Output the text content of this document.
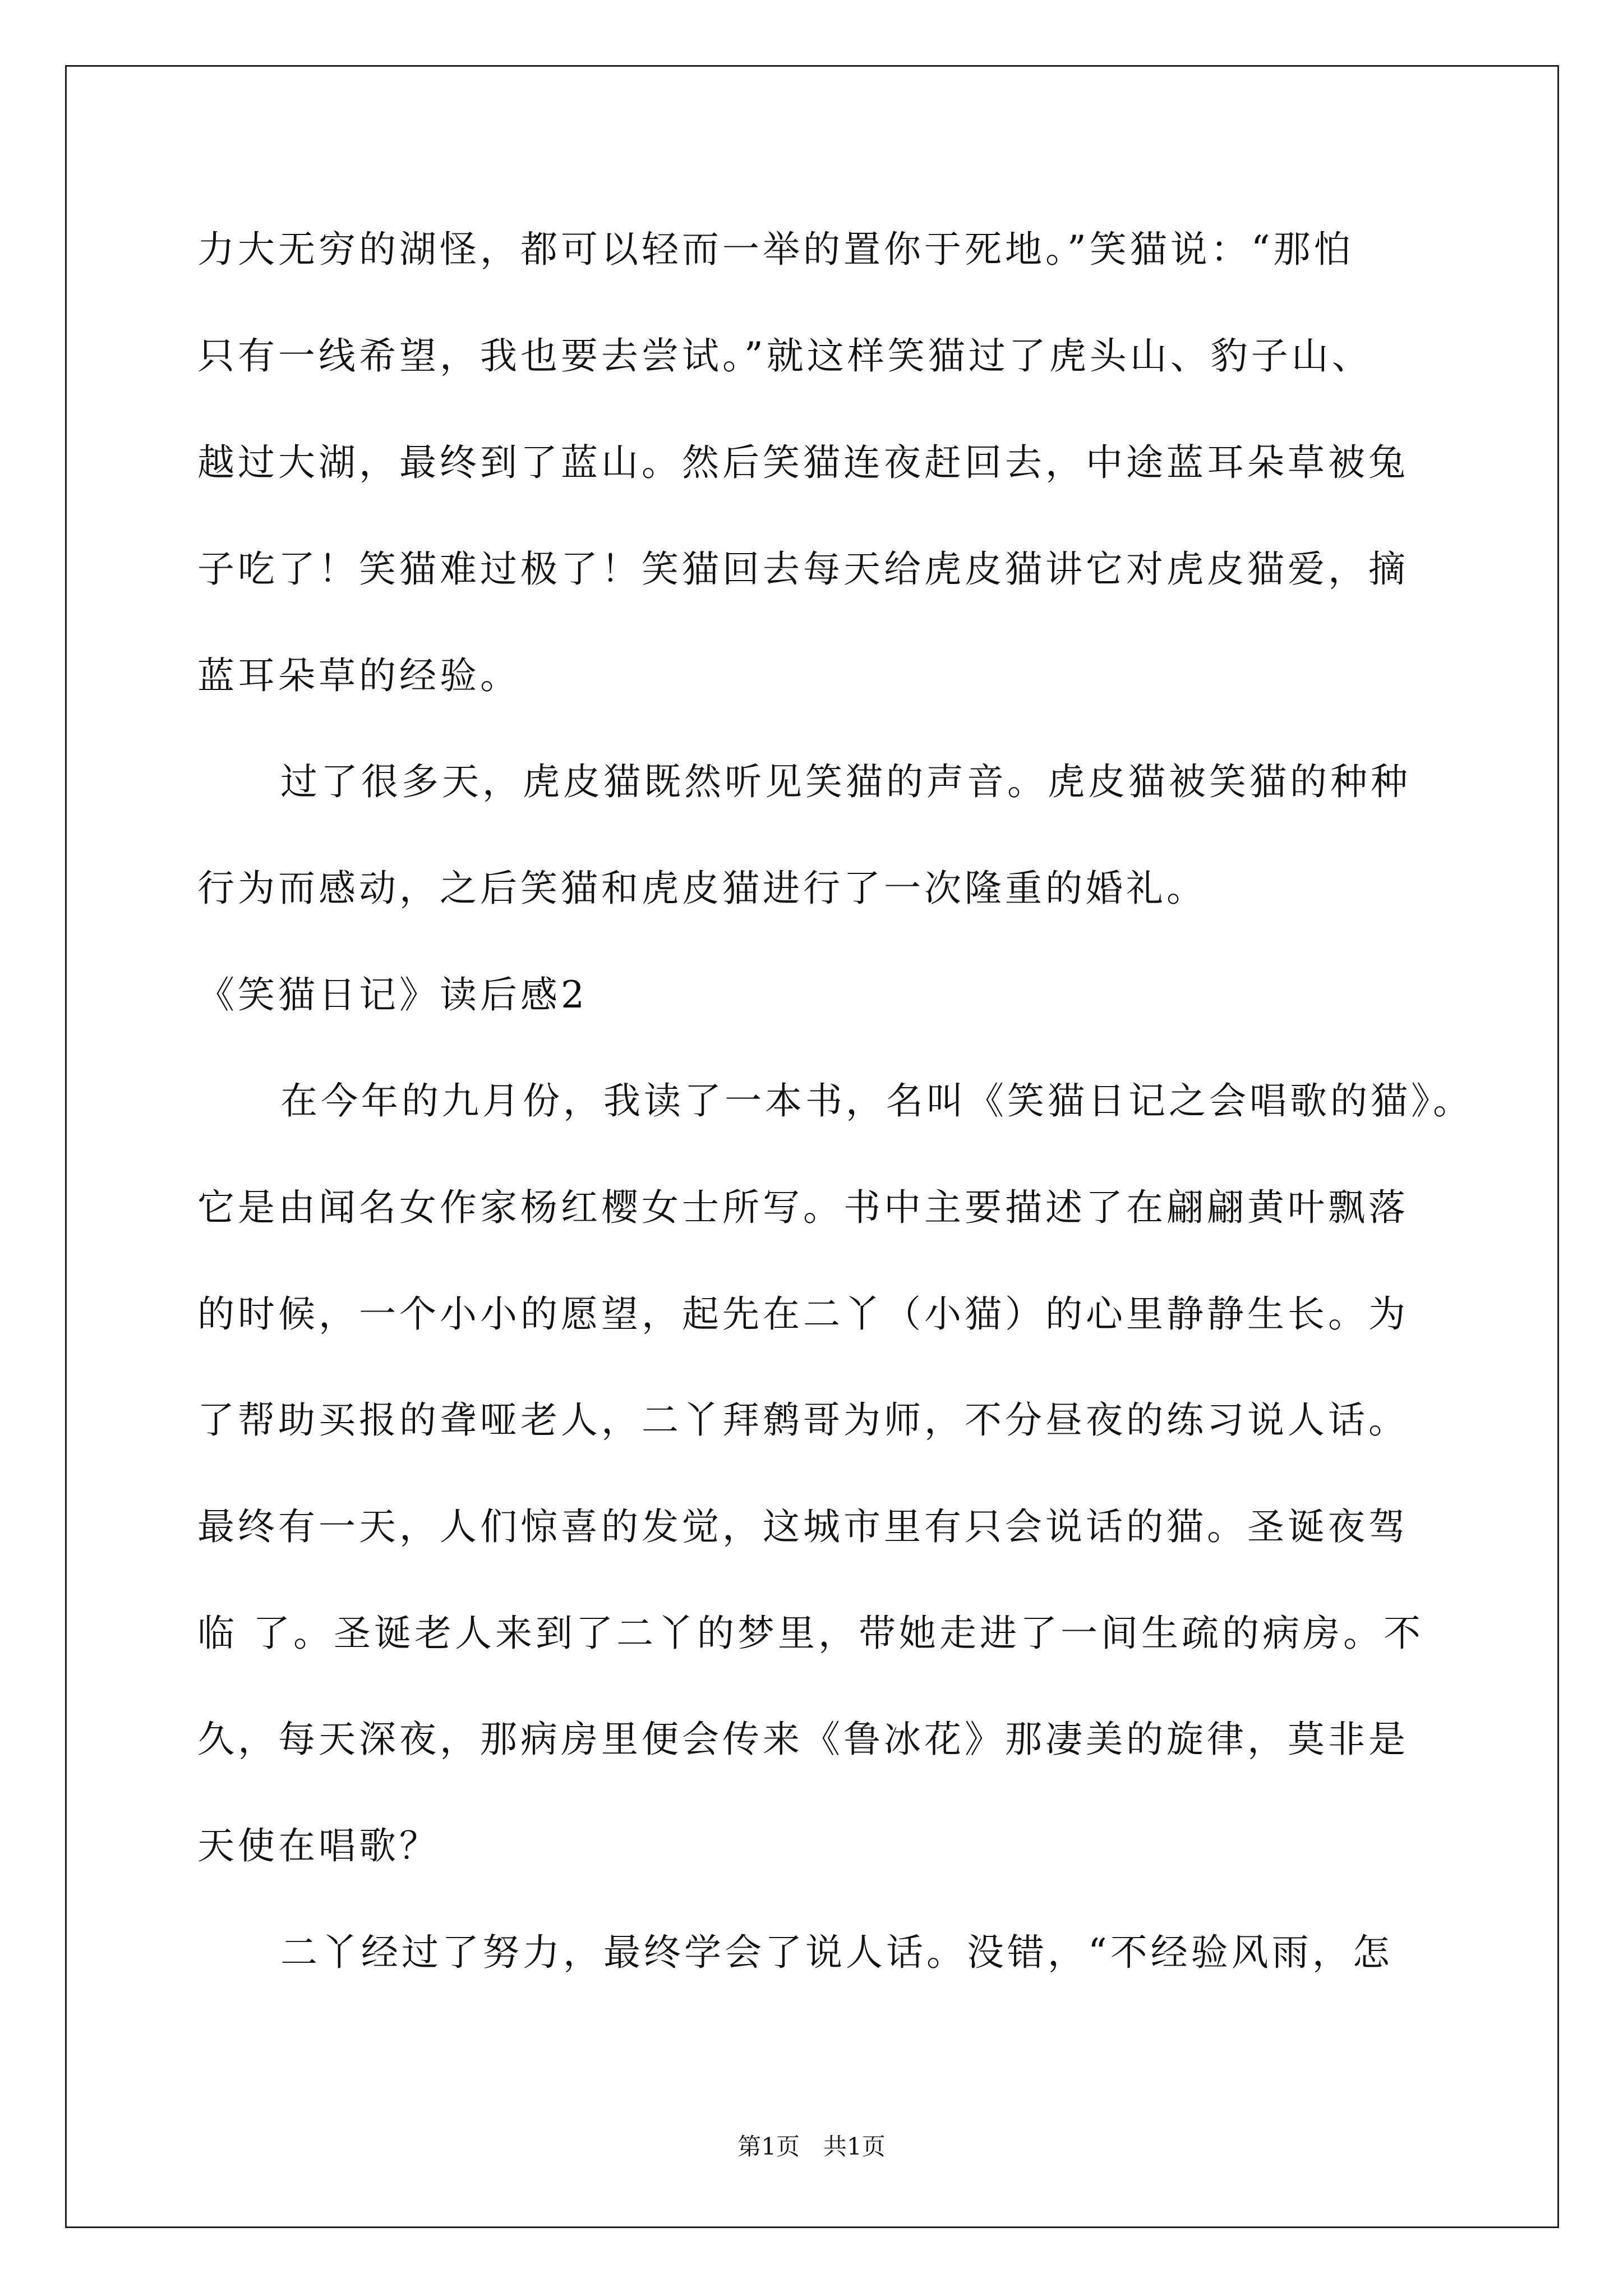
力大无穷的湖怪，都可以轻而一举的置你于死地。”笑猫说：“那怕
只有一线希望，我也要去尝试。”就这样笑猫过了虎头山、豹子山、
越过大湖，最终到了蓝山。然后笑猫连夜赶回去，中途蓝耳朵草被兔
子吃了！笑猫难过极了！笑猫回去每天给虎皮猫讲它对虎皮猫爱，摘
蓝耳朵草的经验。
过了很多天，虎皮猫既然听见笑猫的声音。虎皮猫被笑猫的种种
行为而感动，之后笑猫和虎皮猫进行了一次隆重的婚礼。
《笑猫日记》读后感2
在今年的九月份，我读了一本书，名叫《笑猫日记之会唱歌的猫》。
它是由闻名女作家杨红樱女士所写。书中主要描述了在翩翩黄叶飘落
的时候，一个小小的愿望，起先在二丫（小猫）的心里静静生长。为
了帮助买报的聋哑老人，二丫拜鹩哥为师，不分昼夜的练习说人话。
最终有一天，人们惊喜的发觉，这城市里有只会说话的猫。圣诞夜驾
临 了。圣诞老人来到了二丫的梦里，带她走进了一间生疏的病房。不
久，每天深夜，那病房里便会传来《鲁冰花》那凄美的旋律，莫非是
天使在唱歌？
二丫经过了努力，最终学会了说人话。没错，“不经验风雨，怎
第1页　共1页
